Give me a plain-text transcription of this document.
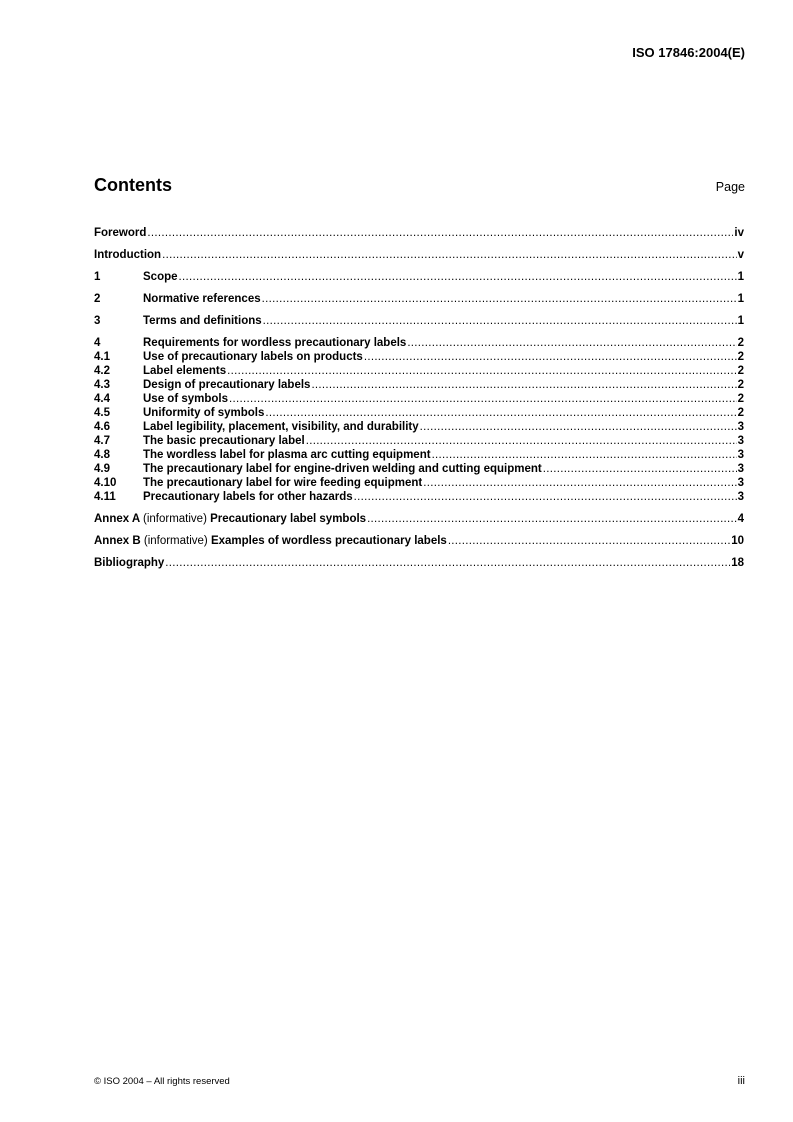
ISO 17846:2004(E)
Contents	Page
Foreword .....	iv
Introduction .....	v
1	Scope .....	1
2	Normative references .....	1
3	Terms and definitions .....	1
4	Requirements for wordless precautionary labels .....	2
4.1	Use of precautionary labels on products .....	2
4.2	Label elements .....	2
4.3	Design of precautionary labels .....	2
4.4	Use of symbols .....	2
4.5	Uniformity of symbols .....	2
4.6	Label legibility, placement, visibility, and durability .....	3
4.7	The basic precautionary label .....	3
4.8	The wordless label for plasma arc cutting equipment .....	3
4.9	The precautionary label for engine-driven welding and cutting equipment .....	3
4.10	The precautionary label for wire feeding equipment .....	3
4.11	Precautionary labels for other hazards .....	3
Annex A (informative) Precautionary label symbols .....	4
Annex B (informative) Examples of wordless precautionary labels .....	10
Bibliography .....	18
© ISO 2004 – All rights reserved	iii
